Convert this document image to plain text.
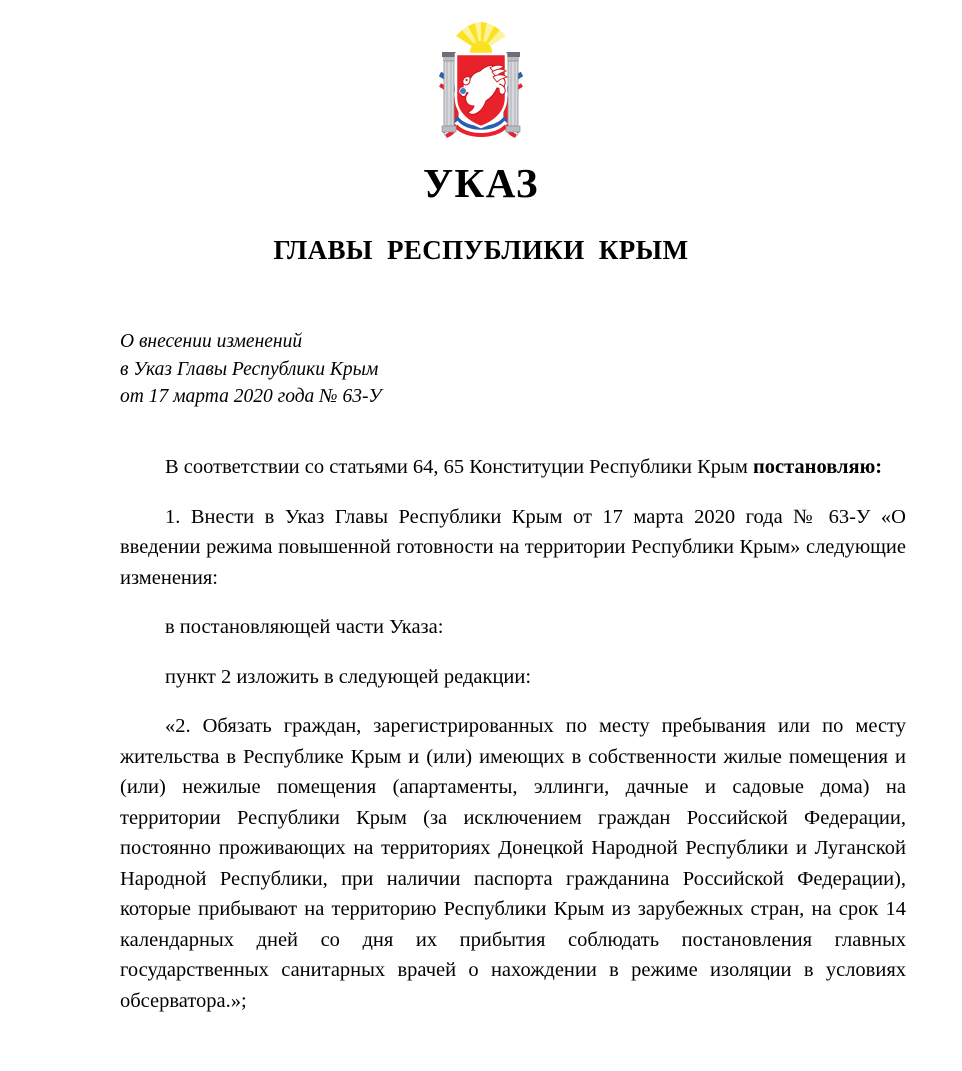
УКАЗ
ГЛАВЫ РЕСПУБЛИКИ КРЫМ
О внесении изменений
в Указ Главы Республики Крым
от 17 марта 2020 года № 63-У

В соответствии со статьями 64, 65 Конституции Республики Крым постановляю:

1. Внести в Указ Главы Республики Крым от 17 марта 2020 года № 63-У «О введении режима повышенной готовности на территории Республики Крым» следующие изменения:

в постановляющей части Указа:

пункт 2 изложить в следующей редакции:

«2. Обязать граждан, зарегистрированных по месту пребывания или по месту жительства в Республике Крым и (или) имеющих в собственности жилые помещения и (или) нежилые помещения (апартаменты, эллинги, дачные и садовые дома) на территории Республики Крым (за исключением граждан Российской Федерации, постоянно проживающих на территориях Донецкой Народной Республики и Луганской Народной Республики, при наличии паспорта гражданина Российской Федерации), которые прибывают на территорию Республики Крым из зарубежных стран, на срок 14 календарных дней со дня их прибытия соблюдать постановления главных государственных санитарных врачей о нахождении в режиме изоляции в условиях обсерватора.»;
